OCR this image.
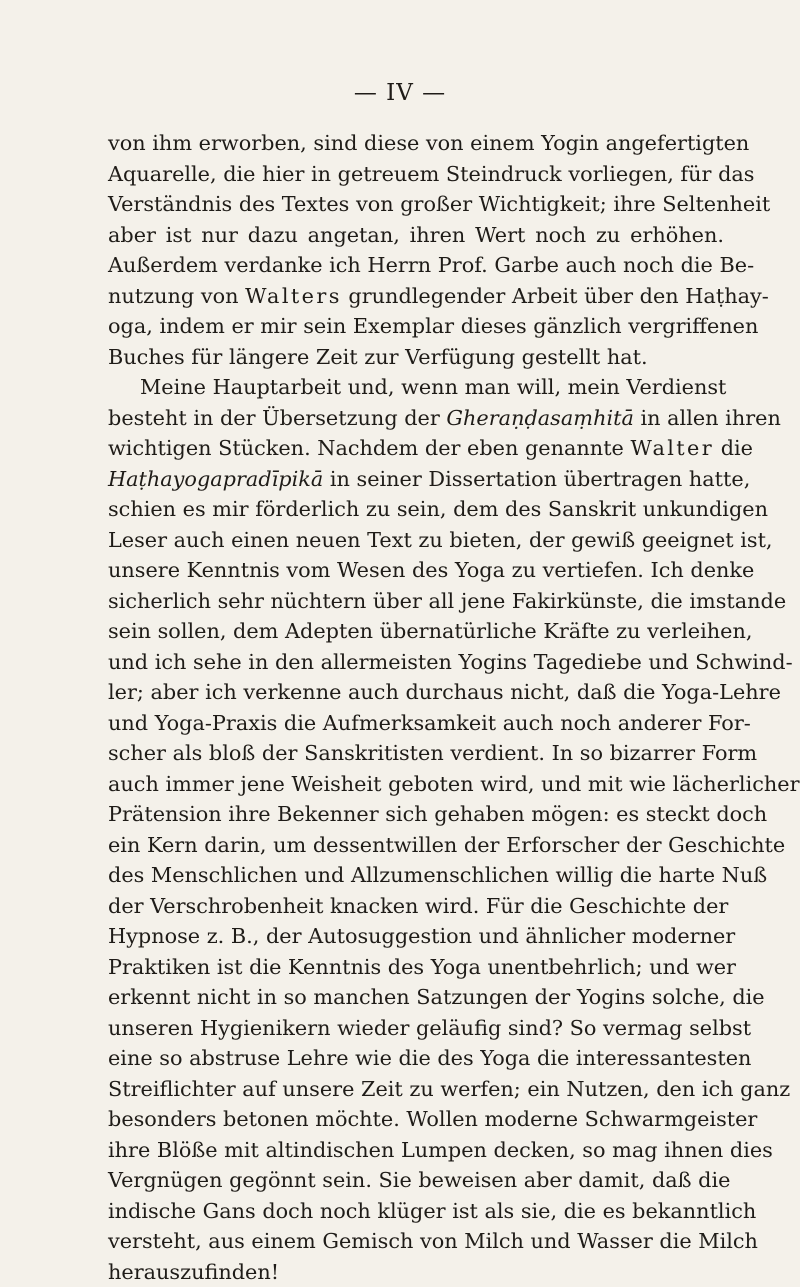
— IV —
von ihm erworben, sind diese von einem Yogin angefertigten
Aquarelle, die hier in getreuem Steindruck vorliegen, für das
Verständnis des Textes von großer Wichtigkeit; ihre Seltenheit
aber ist nur dazu angetan, ihren Wert noch zu erhöhen.
Außerdem verdanke ich Herrn Prof. Garbe auch noch die Be-
nutzung von Walters grundlegender Arbeit über den Haṭhay-
oga, indem er mir sein Exemplar dieses gänzlich vergriffenen
Buches für längere Zeit zur Verfügung gestellt hat.
Meine Hauptarbeit und, wenn man will, mein Verdienst
besteht in der Übersetzung der Gheraṇḍasaṃhitā in allen ihren
wichtigen Stücken. Nachdem der eben genannte Walter die
Haṭhayogapradīpikā in seiner Dissertation übertragen hatte,
schien es mir förderlich zu sein, dem des Sanskrit unkundigen
Leser auch einen neuen Text zu bieten, der gewiß geeignet ist,
unsere Kenntnis vom Wesen des Yoga zu vertiefen. Ich denke
sicherlich sehr nüchtern über all jene Fakirkünste, die imstande
sein sollen, dem Adepten übernatürliche Kräfte zu verleihen,
und ich sehe in den allermeisten Yogins Tagediebe und Schwind-
ler; aber ich verkenne auch durchaus nicht, daß die Yoga-Lehre
und Yoga-Praxis die Aufmerksamkeit auch noch anderer For-
scher als bloß der Sanskritisten verdient. In so bizarrer Form
auch immer jene Weisheit geboten wird, und mit wie lächerlicher
Prätension ihre Bekenner sich gehaben mögen: es steckt doch
ein Kern darin, um dessentwillen der Erforscher der Geschichte
des Menschlichen und Allzumenschlichen willig die harte Nuß
der Verschrobenheit knacken wird. Für die Geschichte der
Hypnose z. B., der Autosuggestion und ähnlicher moderner
Praktiken ist die Kenntnis des Yoga unentbehrlich; und wer
erkennt nicht in so manchen Satzungen der Yogins solche, die
unseren Hygienikern wieder geläufig sind? So vermag selbst
eine so abstruse Lehre wie die des Yoga die interessantesten
Streiflichter auf unsere Zeit zu werfen; ein Nutzen, den ich ganz
besonders betonen möchte. Wollen moderne Schwarmgeister
ihre Blöße mit altindischen Lumpen decken, so mag ihnen dies
Vergnügen gegönnt sein. Sie beweisen aber damit, daß die
indische Gans doch noch klüger ist als sie, die es bekanntlich
versteht, aus einem Gemisch von Milch und Wasser die Milch
herauszufinden!
